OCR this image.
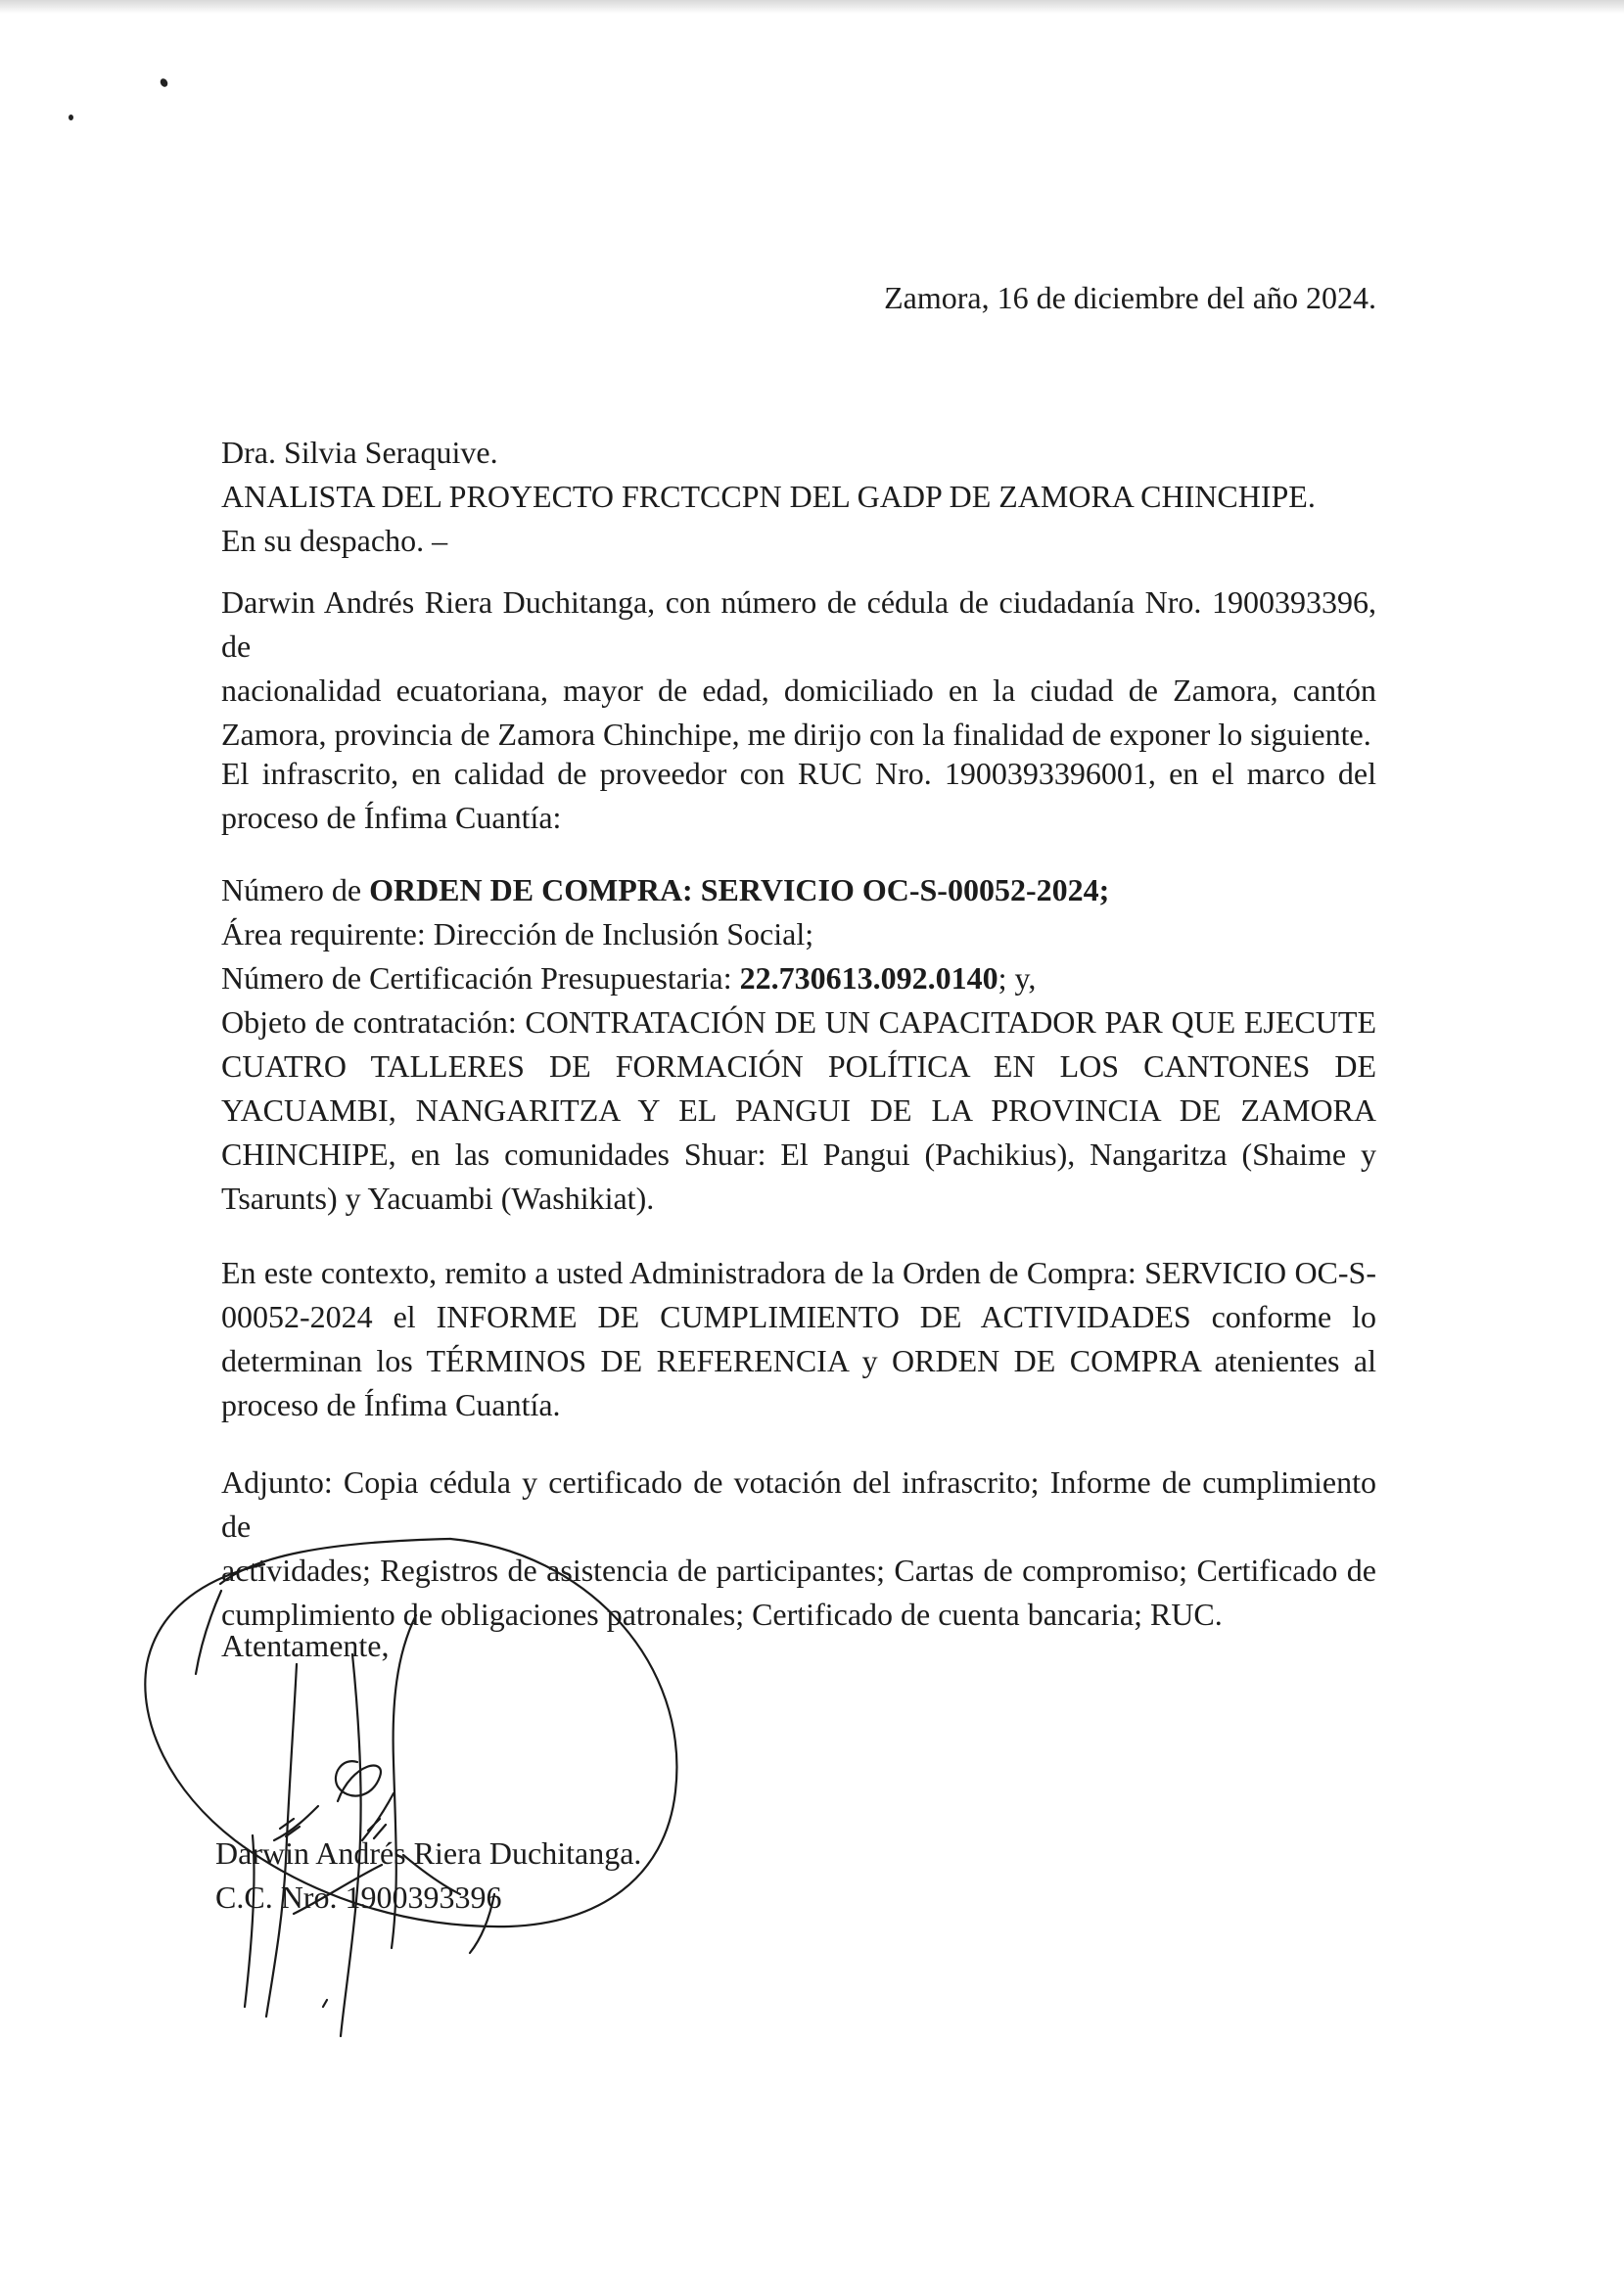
Zamora, 16 de diciembre del año 2024.
Dra. Silvia Seraquive.
ANALISTA DEL PROYECTO FRCTCCPN DEL GADP DE ZAMORA CHINCHIPE.
En su despacho. –
Darwin Andrés Riera Duchitanga, con número de cédula de ciudadanía Nro. 1900393396, de
nacionalidad ecuatoriana, mayor de edad, domiciliado en la ciudad de Zamora, cantón
Zamora, provincia de Zamora Chinchipe, me dirijo con la finalidad de exponer lo siguiente.
El infrascrito, en calidad de proveedor con RUC Nro. 1900393396001, en el marco del
proceso de Ínfima Cuantía:
Número de ORDEN DE COMPRA: SERVICIO OC-S-00052-2024;
Área requirente: Dirección de Inclusión Social;
Número de Certificación Presupuestaria: 22.730613.092.0140; y,
Objeto de contratación: CONTRATACIÓN DE UN CAPACITADOR PAR QUE EJECUTE
CUATRO TALLERES DE FORMACIÓN POLÍTICA EN LOS CANTONES DE
YACUAMBI, NANGARITZA Y EL PANGUI DE LA PROVINCIA DE ZAMORA
CHINCHIPE, en las comunidades Shuar: El Pangui (Pachikius), Nangaritza (Shaime y
Tsarunts) y Yacuambi (Washikiat).
En este contexto, remito a usted Administradora de la Orden de Compra: SERVICIO OC-S-
00052-2024 el INFORME DE CUMPLIMIENTO DE ACTIVIDADES conforme lo
determinan los TÉRMINOS DE REFERENCIA y ORDEN DE COMPRA atenientes al
proceso de Ínfima Cuantía.
Adjunto: Copia cédula y certificado de votación del infrascrito; Informe de cumplimiento de
actividades; Registros de asistencia de participantes; Cartas de compromiso; Certificado de
cumplimiento de obligaciones patronales; Certificado de cuenta bancaria; RUC.
Atentamente,
Darwin Andrés Riera Duchitanga.
C.C. Nro. 1900393396
